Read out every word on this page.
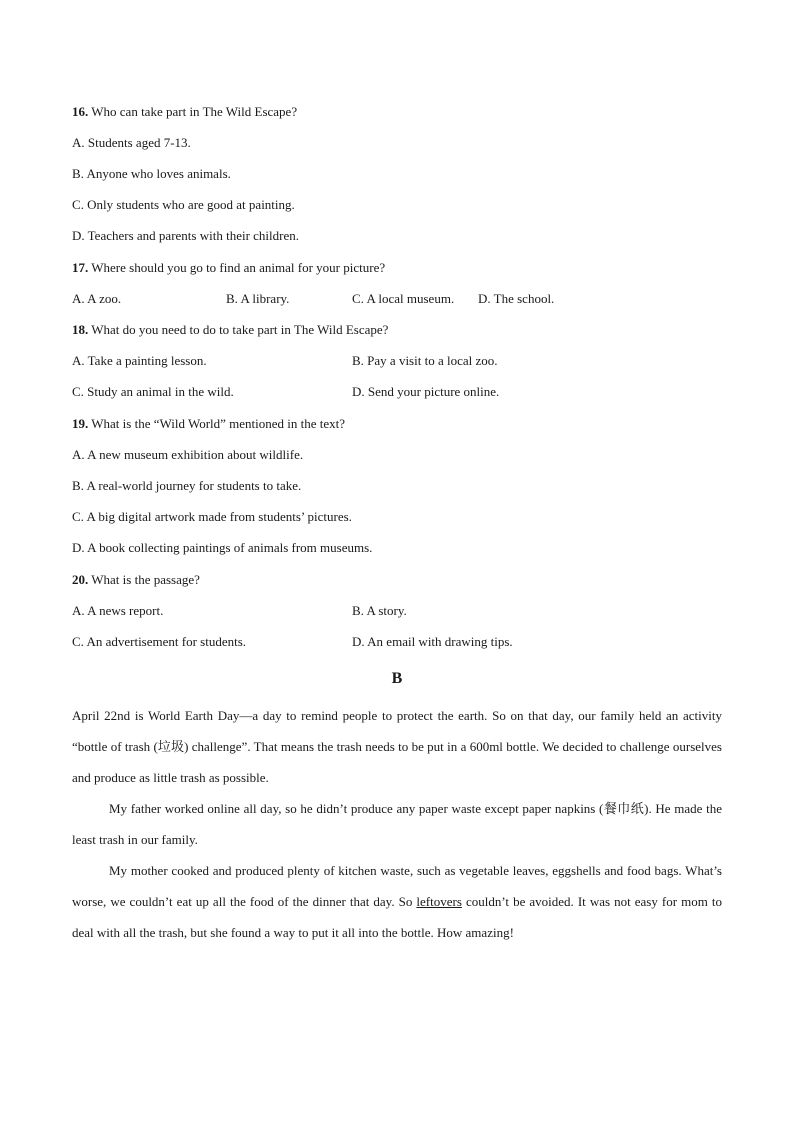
16. Who can take part in The Wild Escape?
A. Students aged 7-13.
B. Anyone who loves animals.
C. Only students who are good at painting.
D. Teachers and parents with their children.
17. Where should you go to find an animal for your picture?
A. A zoo.	B. A library.	C. A local museum. D. The school.
18. What do you need to do to take part in The Wild Escape?
A. Take a painting lesson.	B. Pay a visit to a local zoo.
C. Study an animal in the wild.	D. Send your picture online.
19. What is the “Wild World” mentioned in the text?
A. A new museum exhibition about wildlife.
B. A real-world journey for students to take.
C. A big digital artwork made from students’ pictures.
D. A book collecting paintings of animals from museums.
20. What is the passage?
A. A news report.	B. A story.
C. An advertisement for students.	D. An email with drawing tips.
B
April 22nd is World Earth Day—a day to remind people to protect the earth. So on that day, our family held an activity “bottle of trash (垃圾) challenge”. That means the trash needs to be put in a 600ml bottle. We decided to challenge ourselves and produce as little trash as possible.
My father worked online all day, so he didn’t produce any paper waste except paper napkins (餐巾纸). He made the least trash in our family.
My mother cooked and produced plenty of kitchen waste, such as vegetable leaves, eggshells and food bags. What’s worse, we couldn’t eat up all the food of the dinner that day. So leftovers couldn’t be avoided. It was not easy for mom to deal with all the trash, but she found a way to put it all into the bottle. How amazing!
